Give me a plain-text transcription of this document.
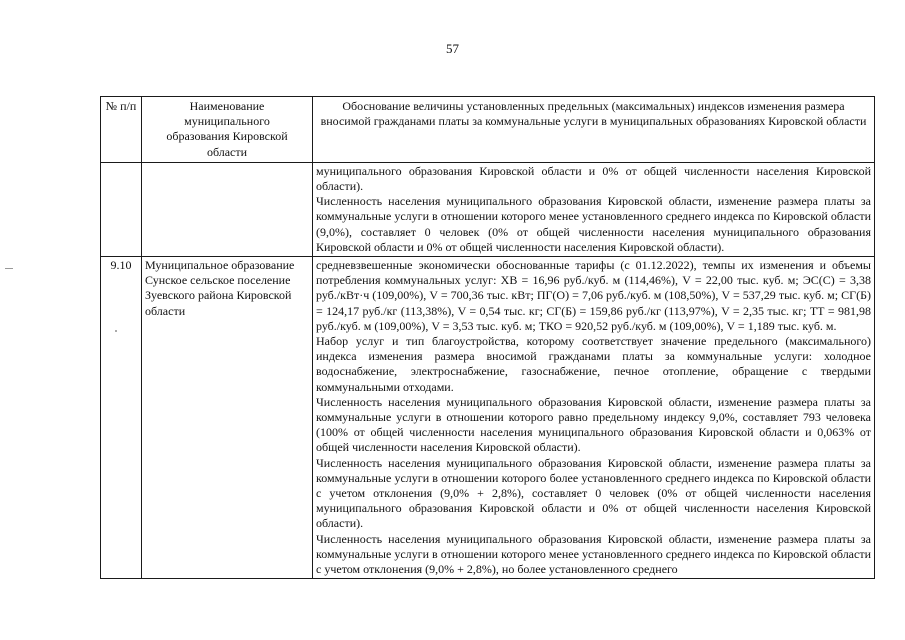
57
№ п/п	Наименование муниципального образования Кировской области	Обоснование величины установленных предельных (максимальных) индексов изменения размера вносимой гражданами платы за коммунальные услуги в муниципальных образованиях Кировской области

		муниципального образования Кировской области и 0% от общей численности населения Кировской области).

Численность населения муниципального образования Кировской области, изменение размера платы за коммунальные услуги в отношении которого менее установленного среднего индекса по Кировской области (9,0%), составляет 0 человек (0% от общей численности населения муниципального образования Кировской области и 0% от общей численности населения Кировской области).

9.10	Муниципальное образование Сунское сельское поселение Зуевского района Кировской области	средневзвешенные экономически обоснованные тарифы (с 01.12.2022), темпы их изменения и объемы потребления коммунальных услуг: ХВ = 16,96 руб./куб. м (114,46%), V = 22,00 тыс. куб. м; ЭС(С) = 3,38 руб./кВт·ч (109,00%), V = 700,36 тыс. кВт; ПГ(О) = 7,06 руб./куб. м (108,50%), V = 537,29 тыс. куб. м; СГ(Б) = 124,17 руб./кг (113,38%), V = 0,54 тыс. кг; СГ(Б) = 159,86 руб./кг (113,97%), V = 2,35 тыс. кг; ТТ = 981,98 руб./куб. м (109,00%), V = 3,53 тыс. куб. м; ТКО = 920,52 руб./куб. м (109,00%), V = 1,189 тыс. куб. м.

Набор услуг и тип благоустройства, которому соответствует значение предельного (максимального) индекса изменения размера вносимой гражданами платы за коммунальные услуги: холодное водоснабжение, электроснабжение, газоснабжение, печное отопление, обращение с твердыми коммунальными отходами.

Численность населения муниципального образования Кировской области, изменение размера платы за коммунальные услуги в отношении которого равно предельному индексу 9,0%, составляет 793 человека (100% от общей численности населения муниципального образования Кировской области и 0,063% от общей численности населения Кировской области).

Численность населения муниципального образования Кировской области, изменение размера платы за коммунальные услуги в отношении которого более установленного среднего индекса по Кировской области с учетом отклонения (9,0% + 2,8%), составляет 0 человек (0% от общей численности населения муниципального образования Кировской области и 0% от общей численности населения Кировской области).

Численность населения муниципального образования Кировской области, изменение размера платы за коммунальные услуги в отношении которого менее установленного среднего индекса по Кировской области с учетом отклонения (9,0% + 2,8%), но более установленного среднего
